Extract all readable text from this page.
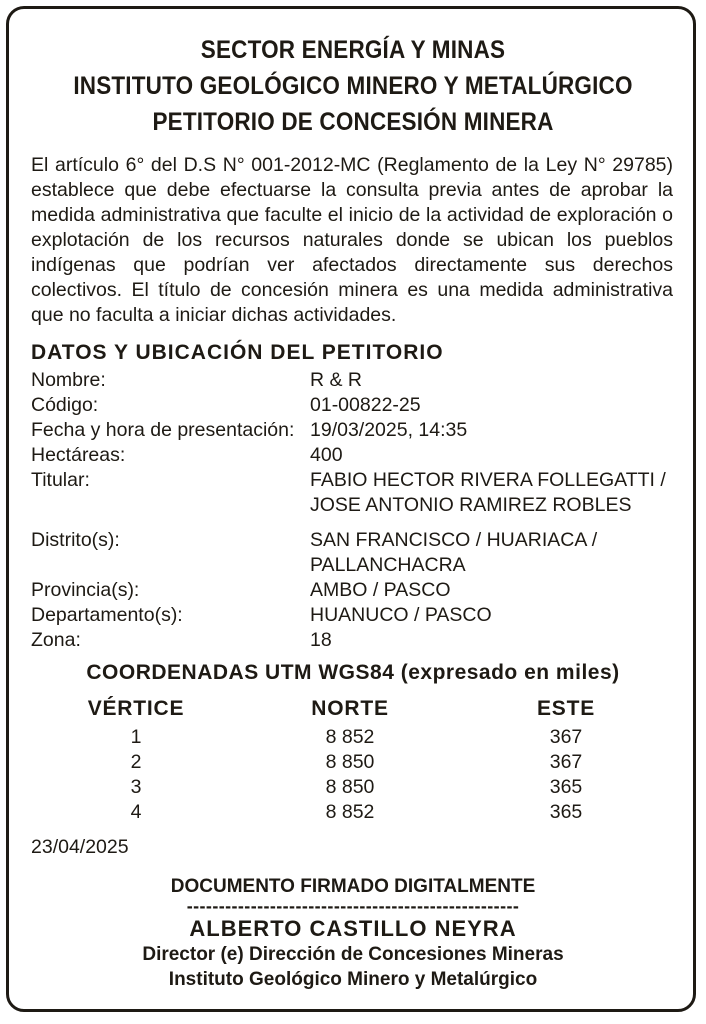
SECTOR ENERGÍA Y MINAS
INSTITUTO GEOLÓGICO MINERO Y METALÚRGICO
PETITORIO DE CONCESIÓN MINERA
El artículo 6° del D.S N° 001-2012-MC (Reglamento de la Ley N° 29785) establece que debe efectuarse la consulta previa antes de aprobar la medida administrativa que faculte el inicio de la actividad de exploración o explotación de los recursos naturales donde se ubican los pueblos indígenas que podrían ver afectados directamente sus derechos colectivos. El título de concesión minera es una medida administrativa que no faculta a iniciar dichas actividades.
DATOS Y UBICACIÓN DEL PETITORIO
Nombre:	R & R
Código:	01-00822-25
Fecha y hora de presentación: 19/03/2025, 14:35
Hectáreas:	400
Titular:	FABIO HECTOR RIVERA FOLLEGATTI /
JOSE ANTONIO RAMIREZ ROBLES
Distrito(s):	SAN FRANCISCO / HUARIACA /
PALLANCHACRA
Provincia(s):	AMBO / PASCO
Departamento(s):	HUANUCO / PASCO
Zona:	18
COORDENADAS UTM WGS84 (expresado en miles)
VÉRTICE	NORTE	ESTE
1	8 852	367
2	8 850	367
3	8 850	365
4	8 852	365
23/04/2025
DOCUMENTO FIRMADO DIGITALMENTE
----------------------------------------------------
ALBERTO CASTILLO NEYRA
Director (e) Dirección de Concesiones Mineras
Instituto Geológico Minero y Metalúrgico
